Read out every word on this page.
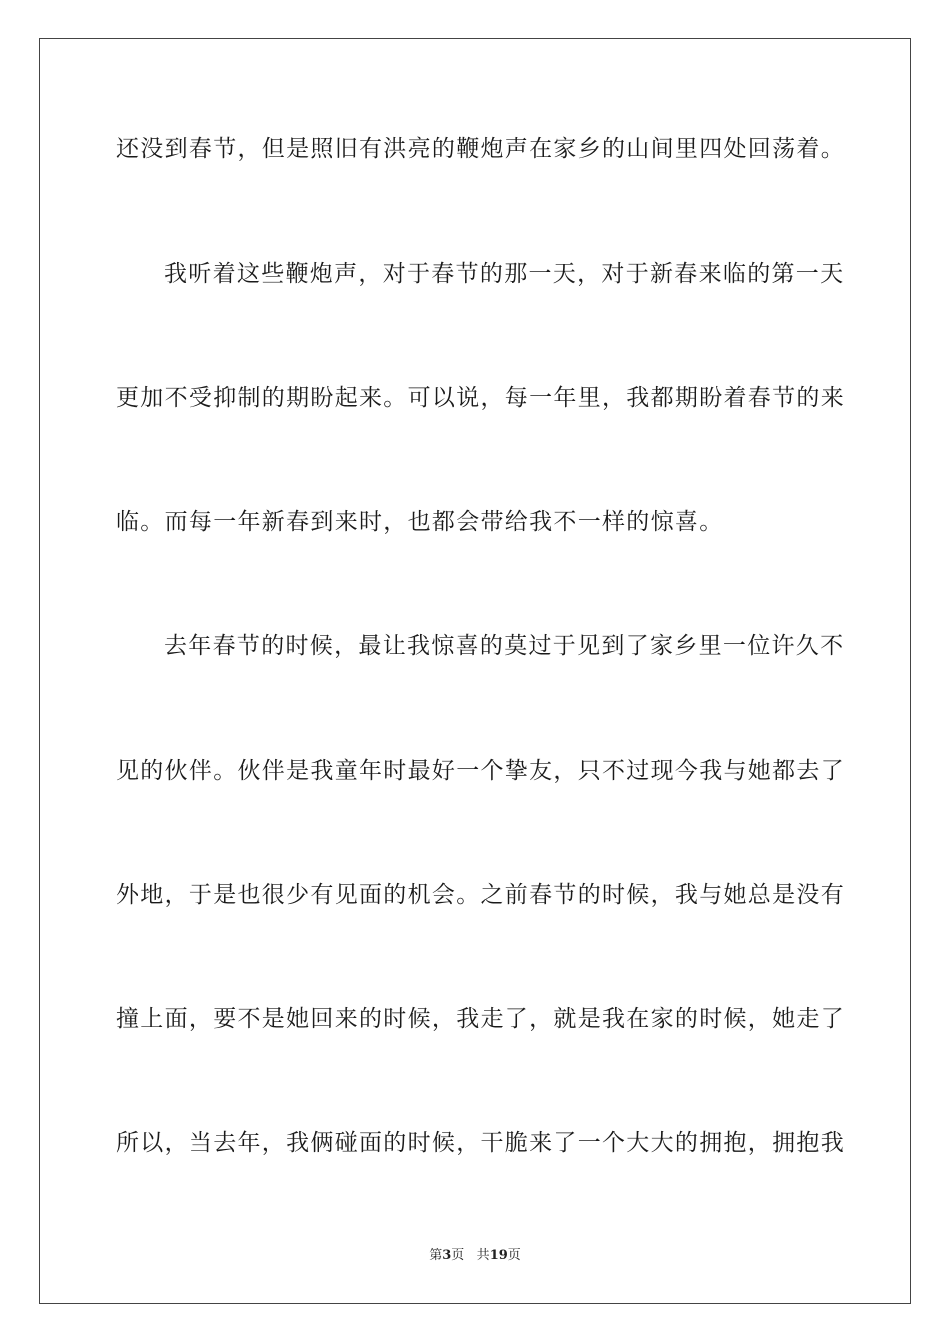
还没到春节，但是照旧有洪亮的鞭炮声在家乡的山间里四处回荡着。
我听着这些鞭炮声，对于春节的那一天，对于新春来临的第一天
更加不受抑制的期盼起来。可以说，每一年里，我都期盼着春节的来
临。而每一年新春到来时，也都会带给我不一样的惊喜。
去年春节的时候，最让我惊喜的莫过于见到了家乡里一位许久不
见的伙伴。伙伴是我童年时最好一个挚友，只不过现今我与她都去了
外地，于是也很少有见面的机会。之前春节的时候，我与她总是没有
撞上面，要不是她回来的时候，我走了，就是我在家的时候，她走了
所以，当去年，我俩碰面的时候，干脆来了一个大大的拥抱，拥抱我
第3页 共19页
